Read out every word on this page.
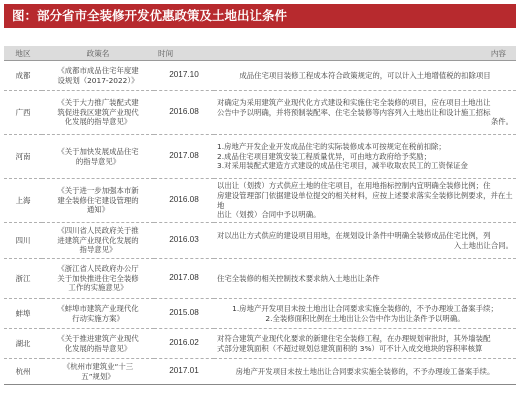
图：部分省市全装修开发优惠政策及土地出让条件
地区	政策名	时间	内容
成都	《成都市成品住宅年度建
设规划（2017-2022）》	2017.10	成品住宅项目装修工程成本符合政策规定的，可以计入土地增值税的扣除项目

广西	《关于大力推广装配式建
筑促进我区建筑产业现代
化发展的指导意见》	2016.08	对确定为采用建筑产业现代化方式建设和实施住宅全装修的项目，应在项目土地出让
公告中予以明确，并将预制装配率、住宅全装修等内容列入土地出让和设计施工招标
条件。

河南	《关于加快发展成品住宅
的指导意见》	2017.08	1.房地产开发企业开发成品住宅的实际装修成本可按规定在税前扣除；
2.成品住宅项目建筑安装工程质量优异，可由地方政府给予奖励；
3.对采用装配式建造方式建设的成品住宅项目，减半收取农民工的工资保证金

上海	《关于进一步加强本市新
建全装修住宅建设管理的
通知》	2016.08	以出让（划拨）方式供应土地的住宅项目，在用地指标控制内宜明确全装修比例；住
房建设管理部门依据建设单位提交的相关材料，应按上述要求落实全装修比例要求，并在土地
出让（划拨）合同中予以明确。

四川	《四川省人民政府关于推
进建筑产业现代化发展的
指导意见》	2016.03	对以出让方式供应的建设项目用地，在规划设计条件中明确全装修成品住宅比例，列
入土地出让合同。

浙江	《浙江省人民政府办公厅
关于加快推进住宅全装修
工作的实施意见》	2017.08	住宅全装修的相关控制技术要求纳入土地出让条件

蚌埠	《蚌埠市建筑产业现代化
行动实施方案》	2015.08	1.房地产开发项目未按土地出让合同要求实施全装修的，不予办理竣工备案手续；
2.全装修面积比例在土地出让公告中作为出让条件予以明确。

湖北	《关于推进建筑产业现代
化发展的指导意见》	2016.02	对符合建筑产业现代化要求的新建住宅全装修工程，在办理规划审批时，其外墙装配
式部分建筑面积（不超过规划总建筑面积的 3%）可不计入成交地块的容积率核算

杭州	《杭州市建筑业“十三
五”规划》	2017.01	房地产开发项目未按土地出让合同要求实施全装修的，不予办理竣工备案手续。
